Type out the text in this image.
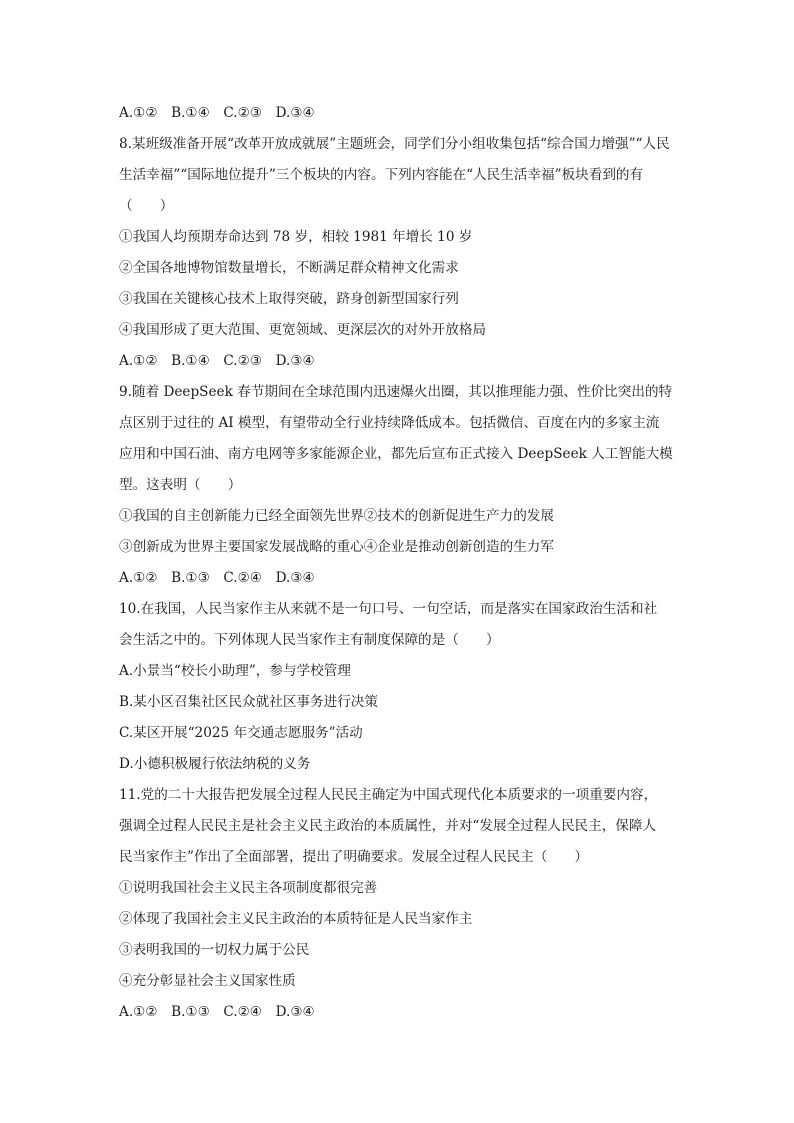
A.①②　B.①④　C.②③　D.③④
8.某班级准备开展“改革开放成就展”主题班会，同学们分小组收集包括“综合国力增强”“人民
生活幸福”“国际地位提升”三个板块的内容。下列内容能在“人民生活幸福”板块看到的有
（　　）
①我国人均预期寿命达到 78 岁，相较 1981 年增长 10 岁
②全国各地博物馆数量增长，不断满足群众精神文化需求
③我国在关键核心技术上取得突破，跻身创新型国家行列
④我国形成了更大范围、更宽领域、更深层次的对外开放格局
A.①②　B.①④　C.②③　D.③④
9.随着 DeepSeek 春节期间在全球范围内迅速爆火出圈，其以推理能力强、性价比突出的特
点区别于过往的 AI 模型，有望带动全行业持续降低成本。包括微信、百度在内的多家主流
应用和中国石油、南方电网等多家能源企业，都先后宣布正式接入 DeepSeek 人工智能大模
型。这表明（　　）
①我国的自主创新能力已经全面领先世界②技术的创新促进生产力的发展
③创新成为世界主要国家发展战略的重心④企业是推动创新创造的生力军
A.①②　B.①③　C.②④　D.③④
10.在我国，人民当家作主从来就不是一句口号、一句空话，而是落实在国家政治生活和社
会生活之中的。下列体现人民当家作主有制度保障的是（　　）
A.小景当“校长小助理”，参与学校管理
B.某小区召集社区民众就社区事务进行决策
C.某区开展“2025 年交通志愿服务”活动
D.小德积极履行依法纳税的义务
11.党的二十大报告把发展全过程人民民主确定为中国式现代化本质要求的一项重要内容，
强调全过程人民民主是社会主义民主政治的本质属性，并对“发展全过程人民民主，保障人
民当家作主”作出了全面部署，提出了明确要求。发展全过程人民民主（　　）
①说明我国社会主义民主各项制度都很完善
②体现了我国社会主义民主政治的本质特征是人民当家作主
③表明我国的一切权力属于公民
④充分彰显社会主义国家性质
A.①②　B.①③　C.②④　D.③④
